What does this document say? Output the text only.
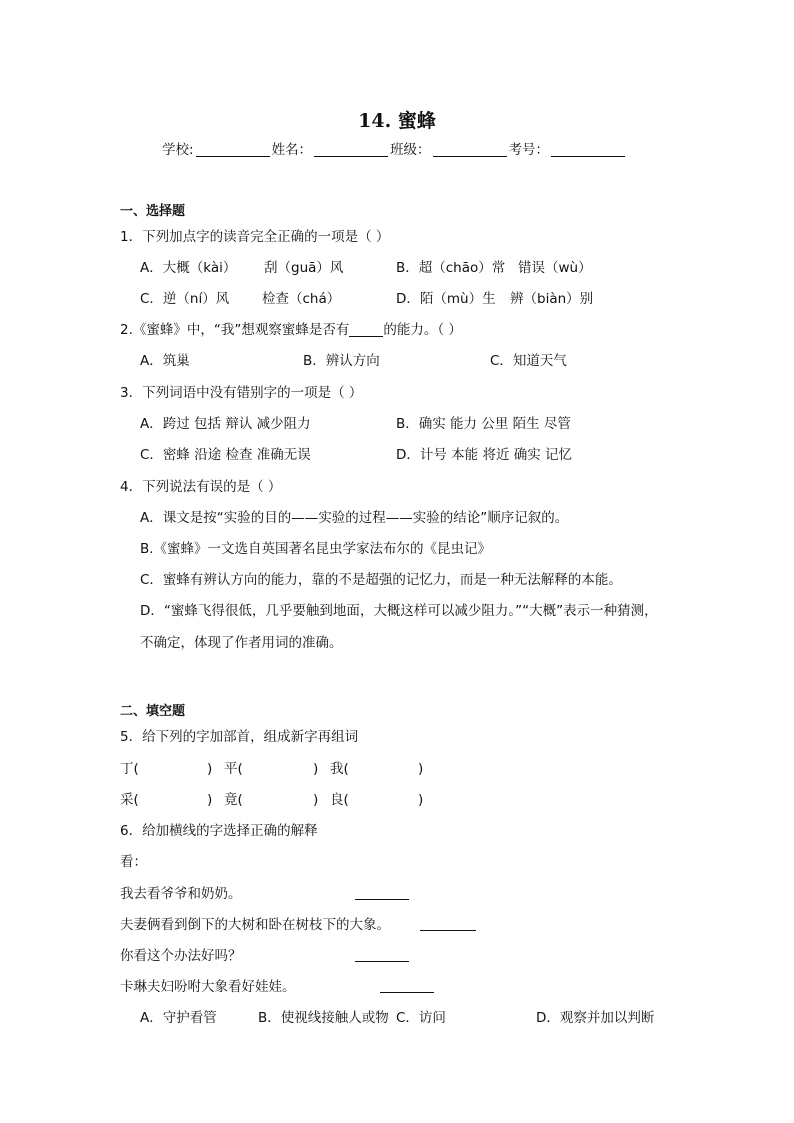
14. 蜜蜂
学校:	姓名：	班级：	考号：
一、选择题
1．下列加点字的读音完全正确的一项是（ ）
A．大概（kài） 刮（guā）风	B．超（chāo）常 错误（wù）
C．逆（ní）风 检查（chá）	D．陌（mù）生 辨（biàn）别
2.《蜜蜂》中，“我”想观察蜜蜂是否有	的能力。（ ）
A．筑巢	B．辨认方向	C．知道天气
3．下列词语中没有错别字的一项是（ ）
A．跨过 包括 辩认 减少阻力	B．确实 能力 公里 陌生 尽管
C．密蜂 沿途 检查 准确无误	D．计号 本能 将近 确实 记忆
4．下列说法有误的是（ ）
A．课文是按“实验的目的——实验的过程——实验的结论”顺序记叙的。
B.《蜜蜂》一文选自英国著名昆虫学家法布尔的《昆虫记》
C．蜜蜂有辨认方向的能力，靠的不是超强的记忆力，而是一种无法解释的本能。
D．“蜜蜂飞得很低，几乎要触到地面，大概这样可以减少阻力。”“大概”表示一种猜测，
不确定，体现了作者用词的准确。
二、填空题
5．给下列的字加部首，组成新字再组词
丁(	) 平(	) 我(	)
采(	) 竟(	) 良(	)
6．给加横线的字选择正确的解释
看：
我去看爷爷和奶奶。
夫妻俩看到倒下的大树和卧在树枝下的大象。
你看这个办法好吗？
卡琳夫妇吩咐大象看好娃娃。
A．守护看管	B．使视线接触人或物 C．访问	D．观察并加以判断
